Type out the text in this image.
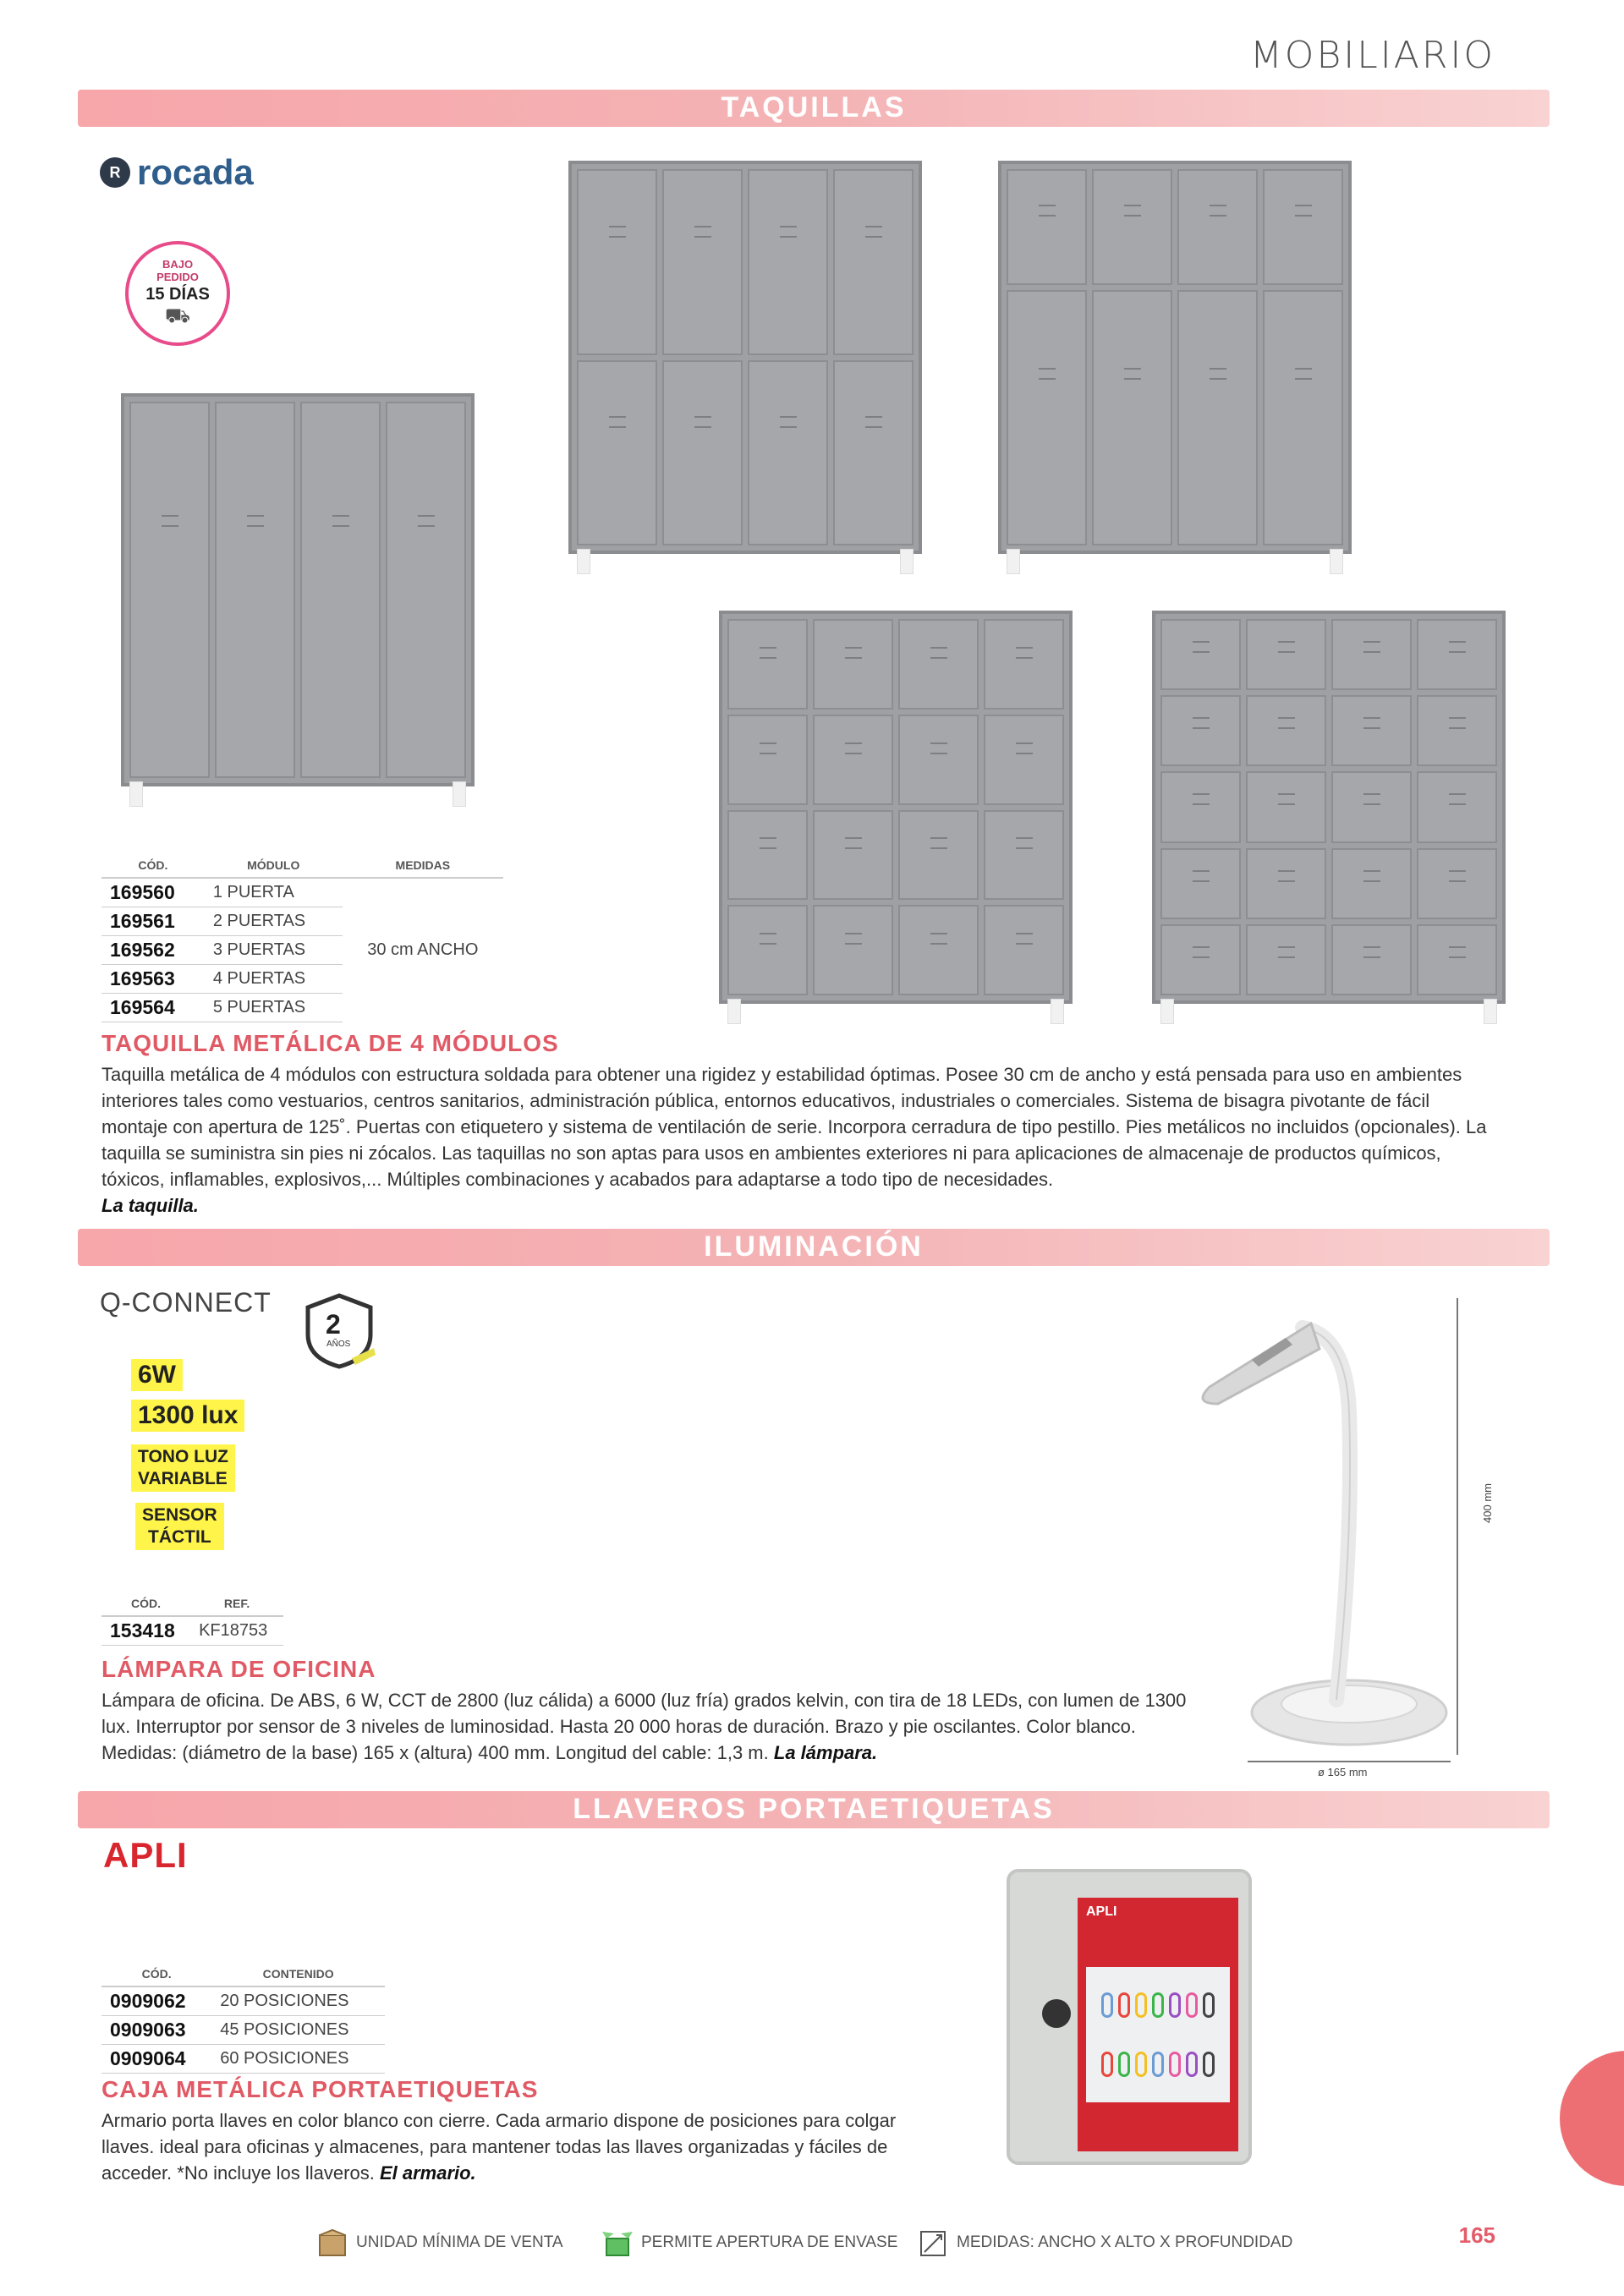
MOBILIARIO
TAQUILLAS
R rocada
BAJO
PEDIDO
15 DÍAS
⛟
CÓD.	MÓDULO	MEDIDAS
169560	1 PUERTA	30 cm ANCHO
169561	2 PUERTAS	
169562	3 PUERTAS	
169563	4 PUERTAS	
169564	5 PUERTAS	
TAQUILLA METÁLICA DE 4 MÓDULOS
Taquilla metálica de 4 módulos con estructura soldada para obtener una rigidez y estabilidad óptimas. Posee 30 cm de ancho y está pensada para uso en ambientes interiores tales como vestuarios, centros sanitarios, administración pública, entornos educativos, industriales o comerciales. Sistema de bisagra pivotante de fácil montaje con apertura de 125˚. Puertas con etiquetero y sistema de ventilación de serie. Incorpora cerradura de tipo pestillo. Pies metálicos no incluidos (opcionales). La taquilla se suministra sin pies ni zócalos. Las taquillas no son aptas para usos en ambientes exteriores ni para aplicaciones de almacenaje de productos químicos, tóxicos, inflamables, explosivos,... Múltiples combinaciones y acabados para adaptarse a todo tipo de necesidades.
La taquilla.
ILUMINACIÓN
Q-CONNECT
2
AÑOS
6W
1300 lux
TONO LUZ
VARIABLE
SENSOR
TÁCTIL
CÓD.	REF.
153418	KF18753
LÁMPARA DE OFICINA
Lámpara de oficina. De ABS, 6 W, CCT de 2800 (luz cálida) a 6000 (luz fría) grados kelvin, con tira de 18 LEDs, con lumen de 1300 lux. Interruptor por sensor de 3 niveles de luminosidad. Hasta 20 000 horas de duración. Brazo y pie oscilantes. Color blanco. Medidas: (diámetro de la base) 165 x (altura) 400 mm. Longitud del cable: 1,3 m. La lámpara.
400 mm
ø 165 mm
LLAVEROS PORTAETIQUETAS
APLI
CÓD.	CONTENIDO
0909062	20 POSICIONES
0909063	45 POSICIONES
0909064	60 POSICIONES
CAJA METÁLICA PORTAETIQUETAS
Armario porta llaves en color blanco con cierre. Cada armario dispone de posiciones para colgar llaves. ideal para oficinas y almacenes, para mantener todas las llaves organizadas y fáciles de acceder. *No incluye los llaveros. El armario.
APLI
UNIDAD MÍNIMA DE VENTA	PERMITE APERTURA DE ENVASE	MEDIDAS: ANCHO X ALTO X PROFUNDIDAD	165
